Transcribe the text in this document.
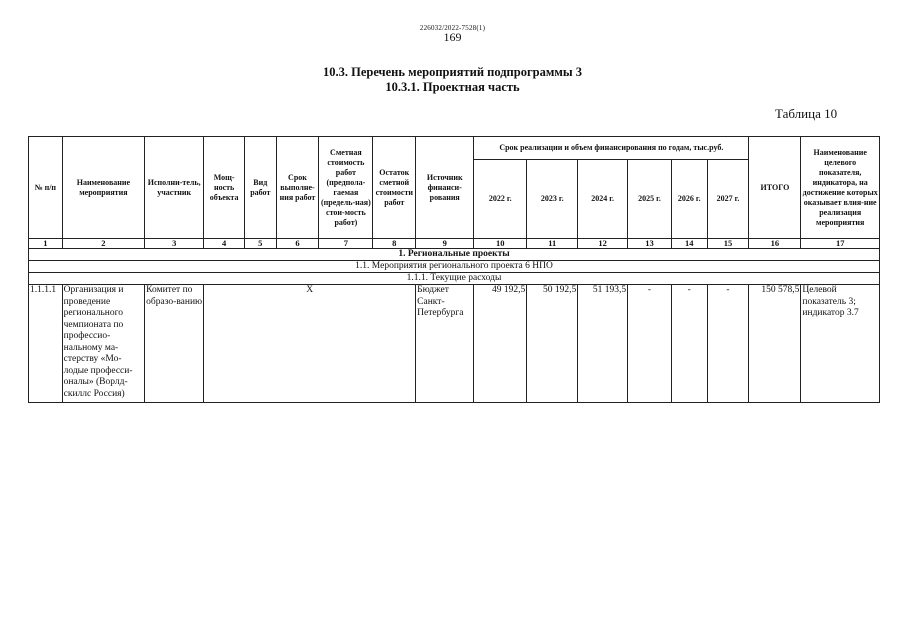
226032/2022-7528(1)
169
10.3. Перечень мероприятий подпрограммы 3
10.3.1. Проектная часть
Таблица 10
№ п/п	Наименование мероприятия	Исполни-тель, участник	Мощ-ность объекта	Вид работ	Срок выполне-ния работ	Сметная стоимость работ (предпола-гаемая (предель-ная) стои-мость работ)	Остаток сметной стоимости работ	Источник финанси-рования	Срок реализации и объем финансирования по годам, тыс.руб.						ИТОГО	Наименование целевого показателя, индикатора, на достижение которых оказывает влия-ние реализация мероприятия
									2022 г.	2023 г.	2024 г.	2025 г.	2026 г.	2027 г.		
1	2	3	4	5	6	7	8	9	10	11	12	13	14	15	16	17
1. Региональные проекты																
1.1. Мероприятия регионального проекта 6 НПО																
1.1.1. Текущие расходы																
1.1.1.1	Организация и проведение регионального чемпионата по профессио-нальному ма-стерству «Мо-лодые професси-оналы» (Ворлд-скиллс Россия)	Комитет по образо-ванию	Х					Бюджет Санкт-Петербурга	49 192,5	50 192,5	51 193,5	-	-	-	150 578,5	Целевой показатель 3; индикатор 3.7
